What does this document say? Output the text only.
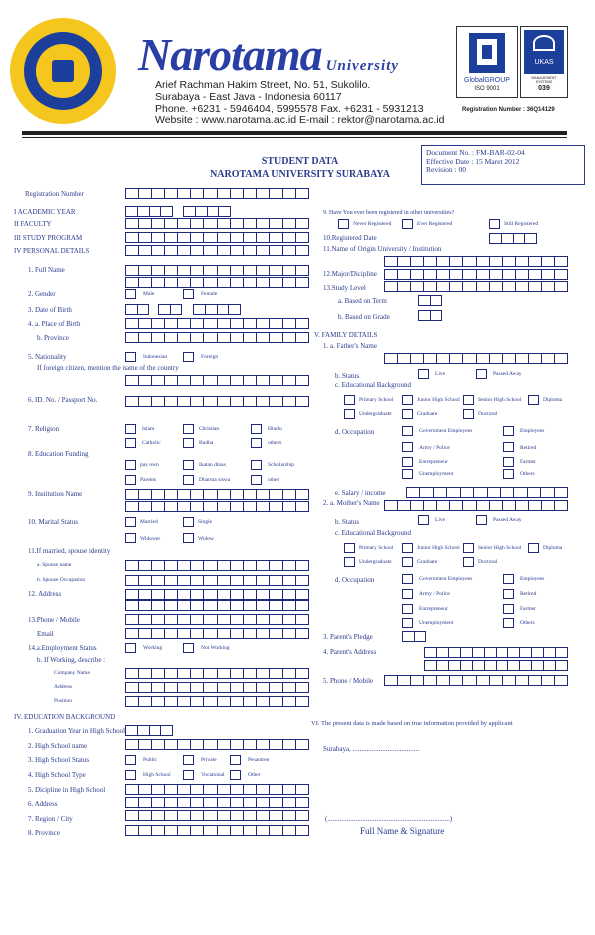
Narotama University
Arief Rachman Hakim Street, No. 51, Sukolilo.
Surabaya - East Java - Indonesia 60117
Phone. +6231 - 5946404, 5995578 Fax. +6231 - 5931213
Website : www.narotama.ac.id E-mail : rektor@narotama.ac.id
GlobalGROUP
ISO 9001
UKAS
MANAGEMENT SYSTEMS
039
Registration Number : 36Q14129
STUDENT DATA
NAROTAMA UNIVERSITY SURABAYA
Document No. : FM-BAR-02-04
Effective Date : 15 Maret 2012
Revision : 00
Registration Number
I ACADEMIC YEAR
II FACULTY
III STUDY PROGRAM
IV PERSONAL DETAILS
1. Full Name
2. Gender	Male	Female
3. Date of Birth
4. a. Place of Birth
b. Province
5. Nationality	Indonesian	Foreign
If foreign citizen, mention the name of the country
6. ID. No. / Passport No.
7. Religion	Islam	Christian	Hindu
Catholic	Budha	others
8. Education Funding
pay own	Ikatan dinas	Scholarship
Parents	Dharma siswa	other
9. Institution Name
10. Marital Status	Married	Single
Widower	Widow
11.If married, spouse identity
a. Spouse name
b. Spouse Occupation
12. Address
13.Phone / Mobile
Email
14.a.Employment Status	Working	Not Working
b. If Working, describe :
Company Name
Address
Position
IV. EDUCATION BACKGROUND
1. Graduation Year in High School
2. High School name
3. High School Status	Public	Private	Pesantren
4. High School Type	High School	Vocational	Other
5. Dicipline in High School
6. Address
7. Region / City
8. Province
9. Have You ever been registered in other universities?
Never Registered	Ever Registered	Still Registered
10.Registered Date
11.Name of Origin University / Institution
12.Major/Dicipline
13.Study Level
a. Based on Term
b. Based on Grade
V. FAMILY DETAILS
1. a. Father's Name
b. Status	Live	Passed Away
c. Educational Background
Primary School	Junior High School	Senior High School	Diploma
Undergraduate	Graduate	Doctoral
d. Occupation	Government Employees	Employees
Army / Police	Retired
Entrepreneur	Farmer
Unemployment	Others
e. Salary / income
2. a. Mother's Name
b. Status	Live	Passed Away
c. Educational Background
Primary School	Junior High School	Senior High School	Diploma
Undergraduate	Graduate	Doctoral
d. Occupation	Government Employees	Employees
Army / Police	Retired
Entrepreneur	Farmer
Unemployment	Others
3. Parent's Pledge
4. Parent's Address
5. Phone / Mobile
VI. The present data is made based on true information provided by applicant
Surabaya, ......................................
(......................................................................)
Full Name & Signature
